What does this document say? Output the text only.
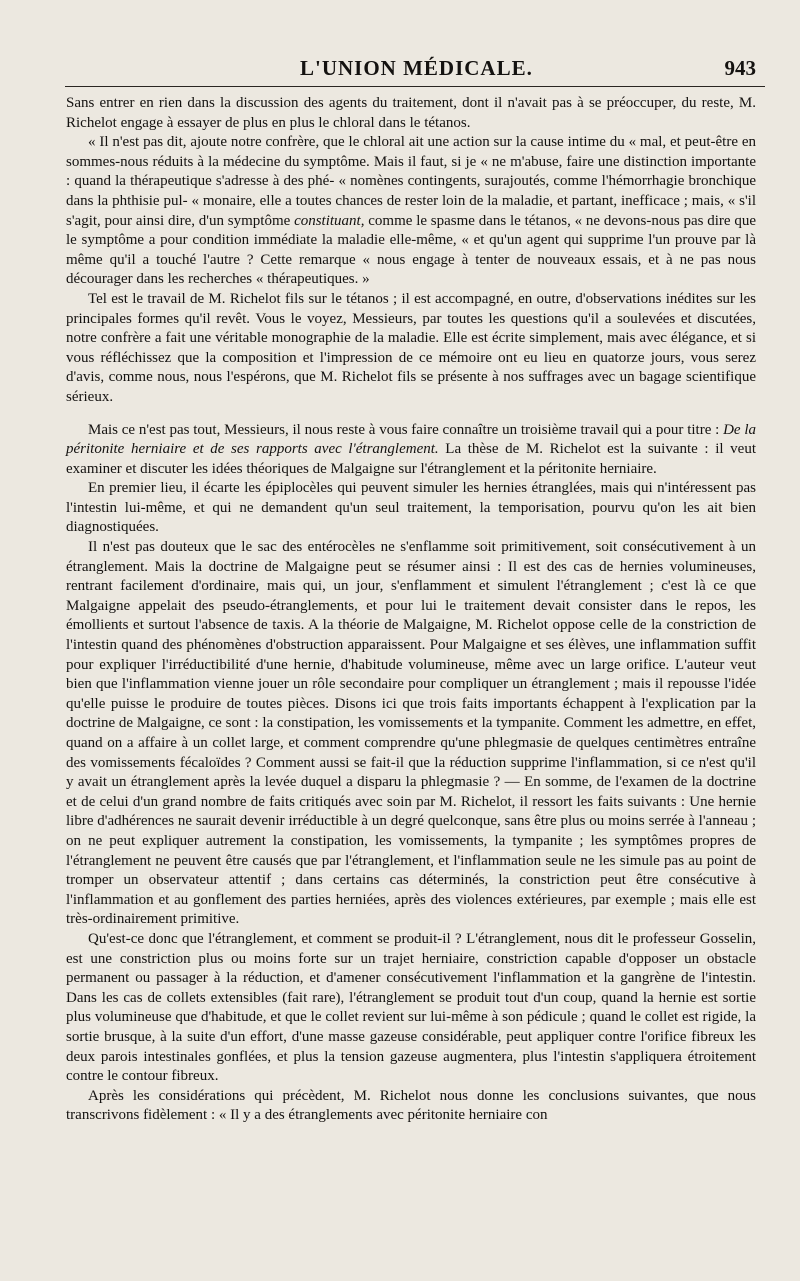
L'UNION MÉDICALE.	943

Sans entrer en rien dans la discussion des agents du traitement, dont il n'avait pas à se préoccuper, du reste, M. Richelot engage à essayer de plus en plus le chloral dans le tétanos.

« Il n'est pas dit, ajoute notre confrère, que le chloral ait une action sur la cause intime du « mal, et peut-être en sommes-nous réduits à la médecine du symptôme. Mais il faut, si je « ne m'abuse, faire une distinction importante : quand la thérapeutique s'adresse à des phé- « nomènes contingents, surajoutés, comme l'hémorrhagie bronchique dans la phthisie pul- « monaire, elle a toutes chances de rester loin de la maladie, et partant, inefficace ; mais, « s'il s'agit, pour ainsi dire, d'un symptôme constituant, comme le spasme dans le tétanos, « ne devons-nous pas dire que le symptôme a pour condition immédiate la maladie elle-même, « et qu'un agent qui supprime l'un prouve par là même qu'il a touché l'autre ? Cette remarque « nous engage à tenter de nouveaux essais, et à ne pas nous décourager dans les recherches « thérapeutiques. »

Tel est le travail de M. Richelot fils sur le tétanos ; il est accompagné, en outre, d'observations inédites sur les principales formes qu'il revêt. Vous le voyez, Messieurs, par toutes les questions qu'il a soulevées et discutées, notre confrère a fait une véritable monographie de la maladie. Elle est écrite simplement, mais avec élégance, et si vous réfléchissez que la composition et l'impression de ce mémoire ont eu lieu en quatorze jours, vous serez d'avis, comme nous, nous l'espérons, que M. Richelot fils se présente à nos suffrages avec un bagage scientifique sérieux.

Mais ce n'est pas tout, Messieurs, il nous reste à vous faire connaître un troisième travail qui a pour titre : De la péritonite herniaire et de ses rapports avec l'étranglement. La thèse de M. Richelot est la suivante : il veut examiner et discuter les idées théoriques de Malgaigne sur l'étranglement et la péritonite herniaire.

En premier lieu, il écarte les épiplocèles qui peuvent simuler les hernies étranglées, mais qui n'intéressent pas l'intestin lui-même, et qui ne demandent qu'un seul traitement, la temporisation, pourvu qu'on les ait bien diagnostiquées.

Il n'est pas douteux que le sac des entérocèles ne s'enflamme soit primitivement, soit consécutivement à un étranglement. Mais la doctrine de Malgaigne peut se résumer ainsi : Il est des cas de hernies volumineuses, rentrant facilement d'ordinaire, mais qui, un jour, s'enflamment et simulent l'étranglement ; c'est là ce que Malgaigne appelait des pseudo-étranglements, et pour lui le traitement devait consister dans le repos, les émollients et surtout l'absence de taxis. A la théorie de Malgaigne, M. Richelot oppose celle de la constriction de l'intestin quand des phénomènes d'obstruction apparaissent. Pour Malgaigne et ses élèves, une inflammation suffit pour expliquer l'irréductibilité d'une hernie, d'habitude volumineuse, même avec un large orifice. L'auteur veut bien que l'inflammation vienne jouer un rôle secondaire pour compliquer un étranglement ; mais il repousse l'idée qu'elle puisse le produire de toutes pièces. Disons ici que trois faits importants échappent à l'explication par la doctrine de Malgaigne, ce sont : la constipation, les vomissements et la tympanite. Comment les admettre, en effet, quand on a affaire à un collet large, et comment comprendre qu'une phlegmasie de quelques centimètres entraîne des vomissements fécaloïdes ? Comment aussi se fait-il que la réduction supprime l'inflammation, si ce n'est qu'il y avait un étranglement après la levée duquel a disparu la phlegmasie ? — En somme, de l'examen de la doctrine et de celui d'un grand nombre de faits critiqués avec soin par M. Richelot, il ressort les faits suivants : Une hernie libre d'adhérences ne saurait devenir irréductible à un degré quelconque, sans être plus ou moins serrée à l'anneau ; on ne peut expliquer autrement la constipation, les vomissements, la tympanite ; les symptômes propres de l'étranglement ne peuvent être causés que par l'étranglement, et l'inflammation seule ne les simule pas au point de tromper un observateur attentif ; dans certains cas déterminés, la constriction peut être consécutive à l'inflammation et au gonflement des parties herniées, après des violences extérieures, par exemple ; mais elle est très-ordinairement primitive.

Qu'est-ce donc que l'étranglement, et comment se produit-il ? L'étranglement, nous dit le professeur Gosselin, est une constriction plus ou moins forte sur un trajet herniaire, constriction capable d'opposer un obstacle permanent ou passager à la réduction, et d'amener consécutivement l'inflammation et la gangrène de l'intestin. Dans les cas de collets extensibles (fait rare), l'étranglement se produit tout d'un coup, quand la hernie est sortie plus volumineuse que d'habitude, et que le collet revient sur lui-même à son pédicule ; quand le collet est rigide, la sortie brusque, à la suite d'un effort, d'une masse gazeuse considérable, peut appliquer contre l'orifice fibreux les deux parois intestinales gonflées, et plus la tension gazeuse augmentera, plus l'intestin s'appliquera étroitement contre le contour fibreux.

Après les considérations qui précèdent, M. Richelot nous donne les conclusions suivantes, que nous transcrivons fidèlement : « Il y a des étranglements avec péritonite herniaire con
